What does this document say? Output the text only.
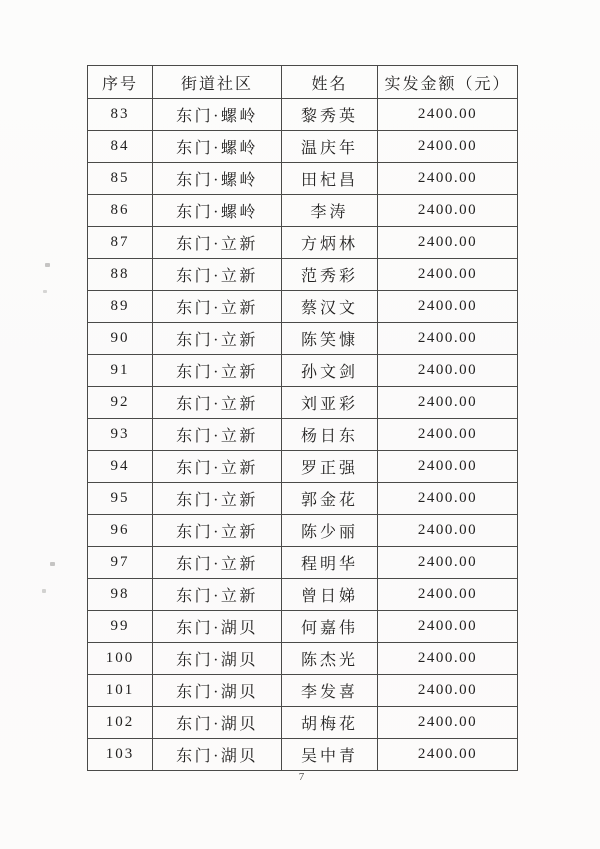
序号	街道社区	姓名	实发金额（元）
83	东门·螺岭	黎秀英	2400.00
84	东门·螺岭	温庆年	2400.00
85	东门·螺岭	田杞昌	2400.00
86	东门·螺岭	李涛	2400.00
87	东门·立新	方炳林	2400.00
88	东门·立新	范秀彩	2400.00
89	东门·立新	蔡汉文	2400.00
90	东门·立新	陈笑慷	2400.00
91	东门·立新	孙文剑	2400.00
92	东门·立新	刘亚彩	2400.00
93	东门·立新	杨日东	2400.00
94	东门·立新	罗正强	2400.00
95	东门·立新	郭金花	2400.00
96	东门·立新	陈少丽	2400.00
97	东门·立新	程明华	2400.00
98	东门·立新	曾日娣	2400.00
99	东门·湖贝	何嘉伟	2400.00
100	东门·湖贝	陈杰光	2400.00
101	东门·湖贝	李发喜	2400.00
102	东门·湖贝	胡梅花	2400.00
103	东门·湖贝	吴中青	2400.00
7
